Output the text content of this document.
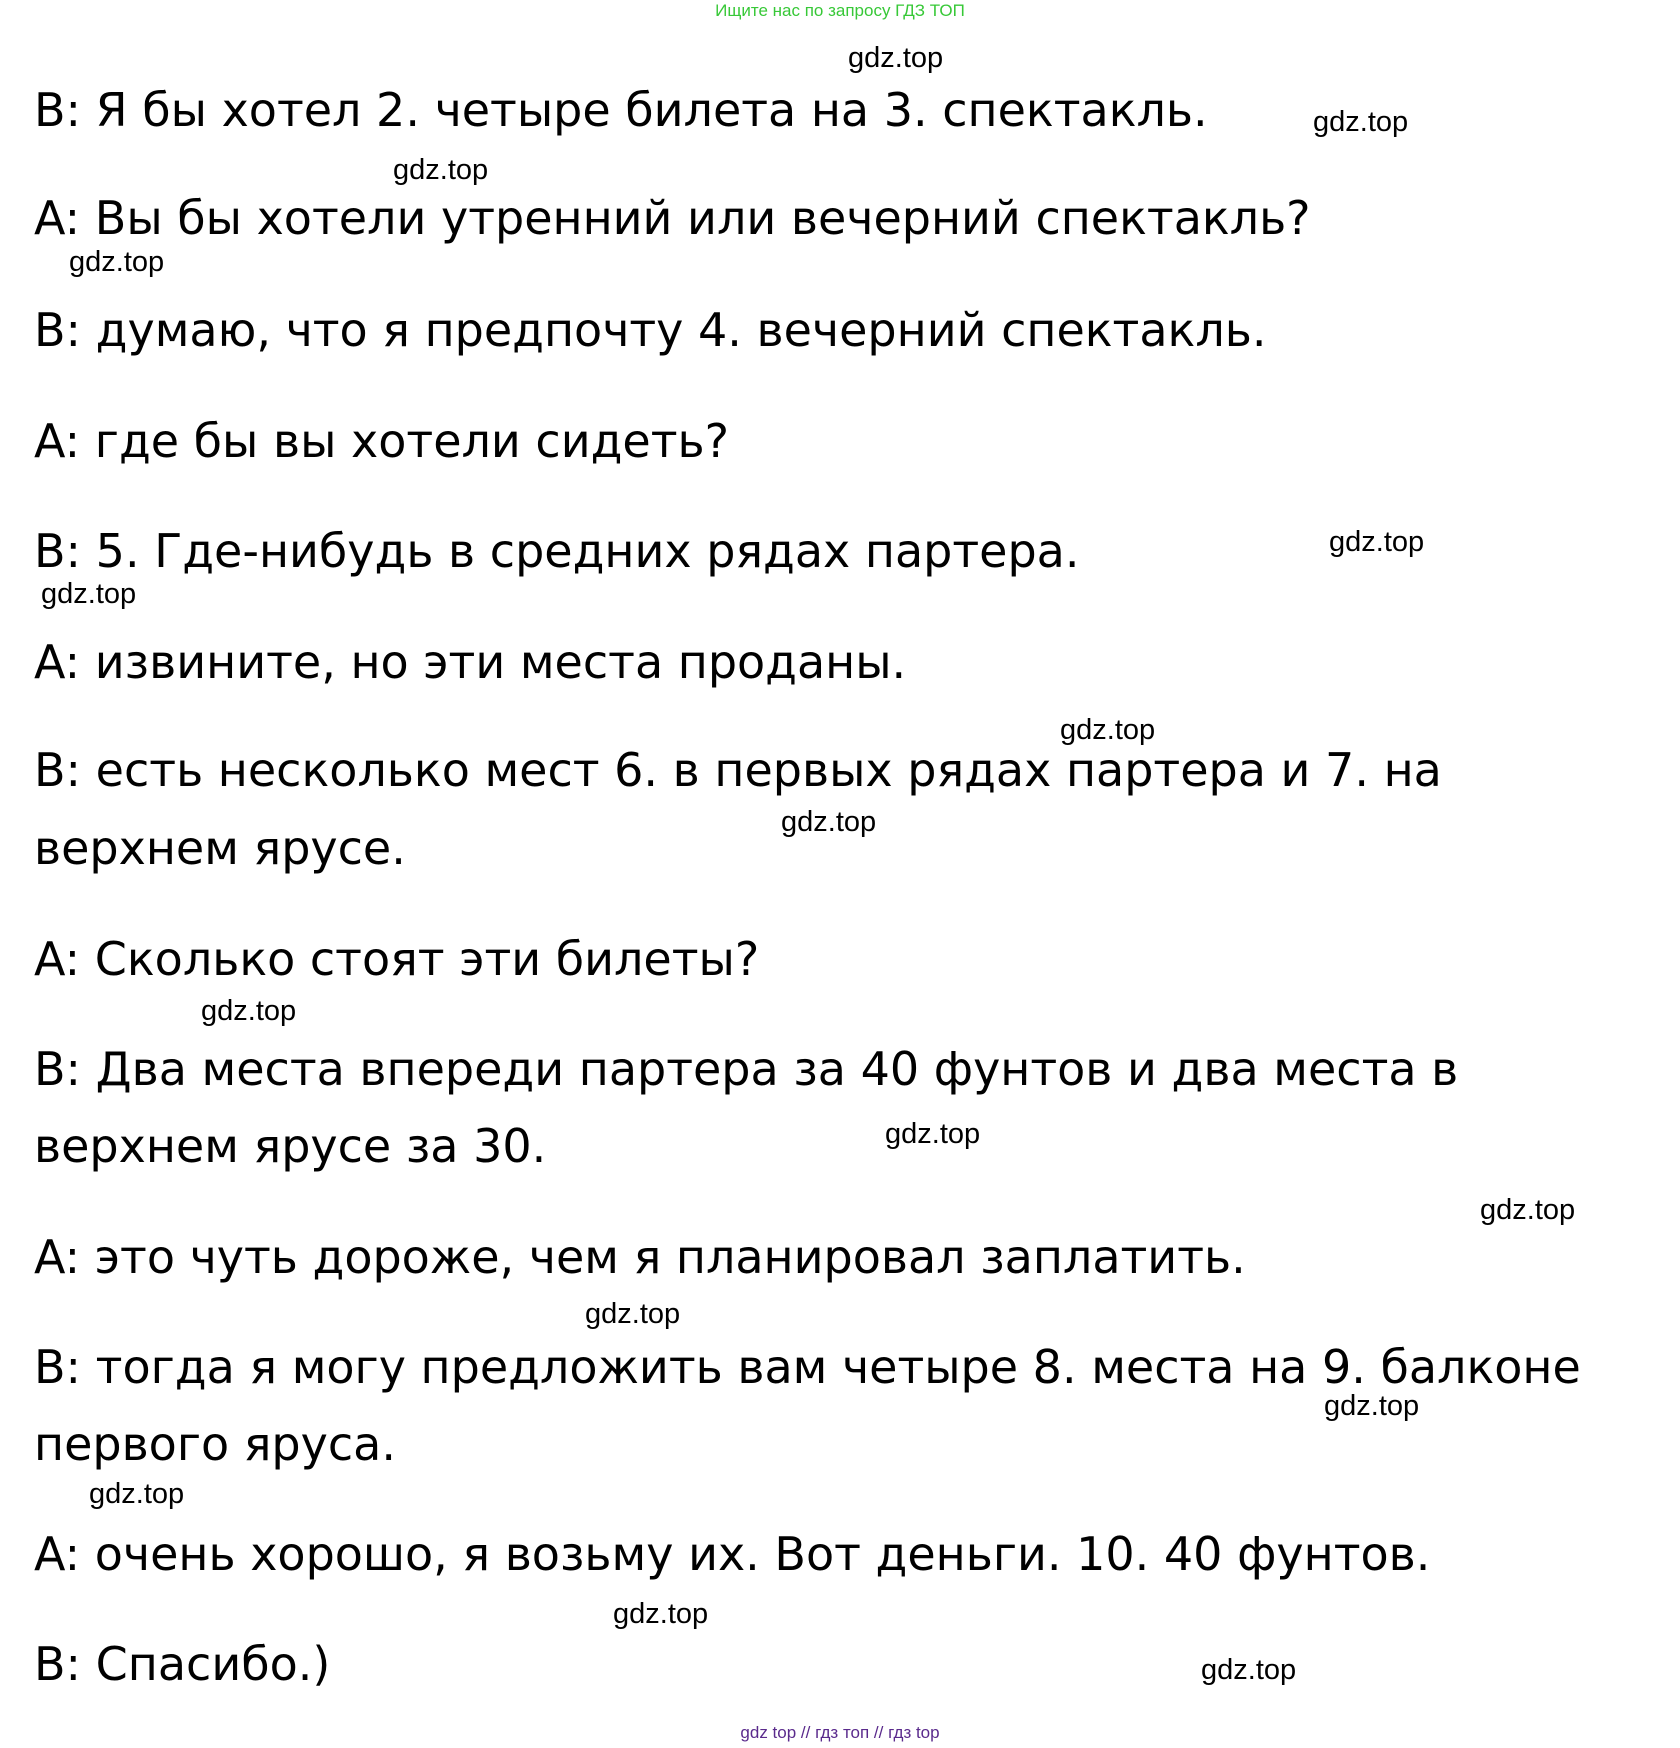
Ищите нас по запросу ГДЗ ТОП
B: Я бы хотел 2. четыре билета на 3. спектакль.
A: Вы бы хотели утренний или вечерний спектакль?
B: думаю, что я предпочту 4. вечерний спектакль.
A: где бы вы хотели сидеть?
B: 5. Где-нибудь в средних рядах партера.
A: извините, но эти места проданы.
B: есть несколько мест 6. в первых рядах партера и 7. на
верхнем ярусе.
A: Сколько стоят эти билеты?
B: Два места впереди партера за 40 фунтов и два места в
верхнем ярусе за 30.
A: это чуть дороже, чем я планировал заплатить.
B: тогда я могу предложить вам четыре 8. места на 9. балконе
первого яруса.
A: очень хорошо, я возьму их. Вот деньги. 10. 40 фунтов.
B: Спасибо.)
gdz.top
gdz.top
gdz.top
gdz.top
gdz.top
gdz.top
gdz.top
gdz.top
gdz.top
gdz.top
gdz.top
gdz.top
gdz.top
gdz.top
gdz.top
gdz.top
gdz top // гдз топ // гдз top
